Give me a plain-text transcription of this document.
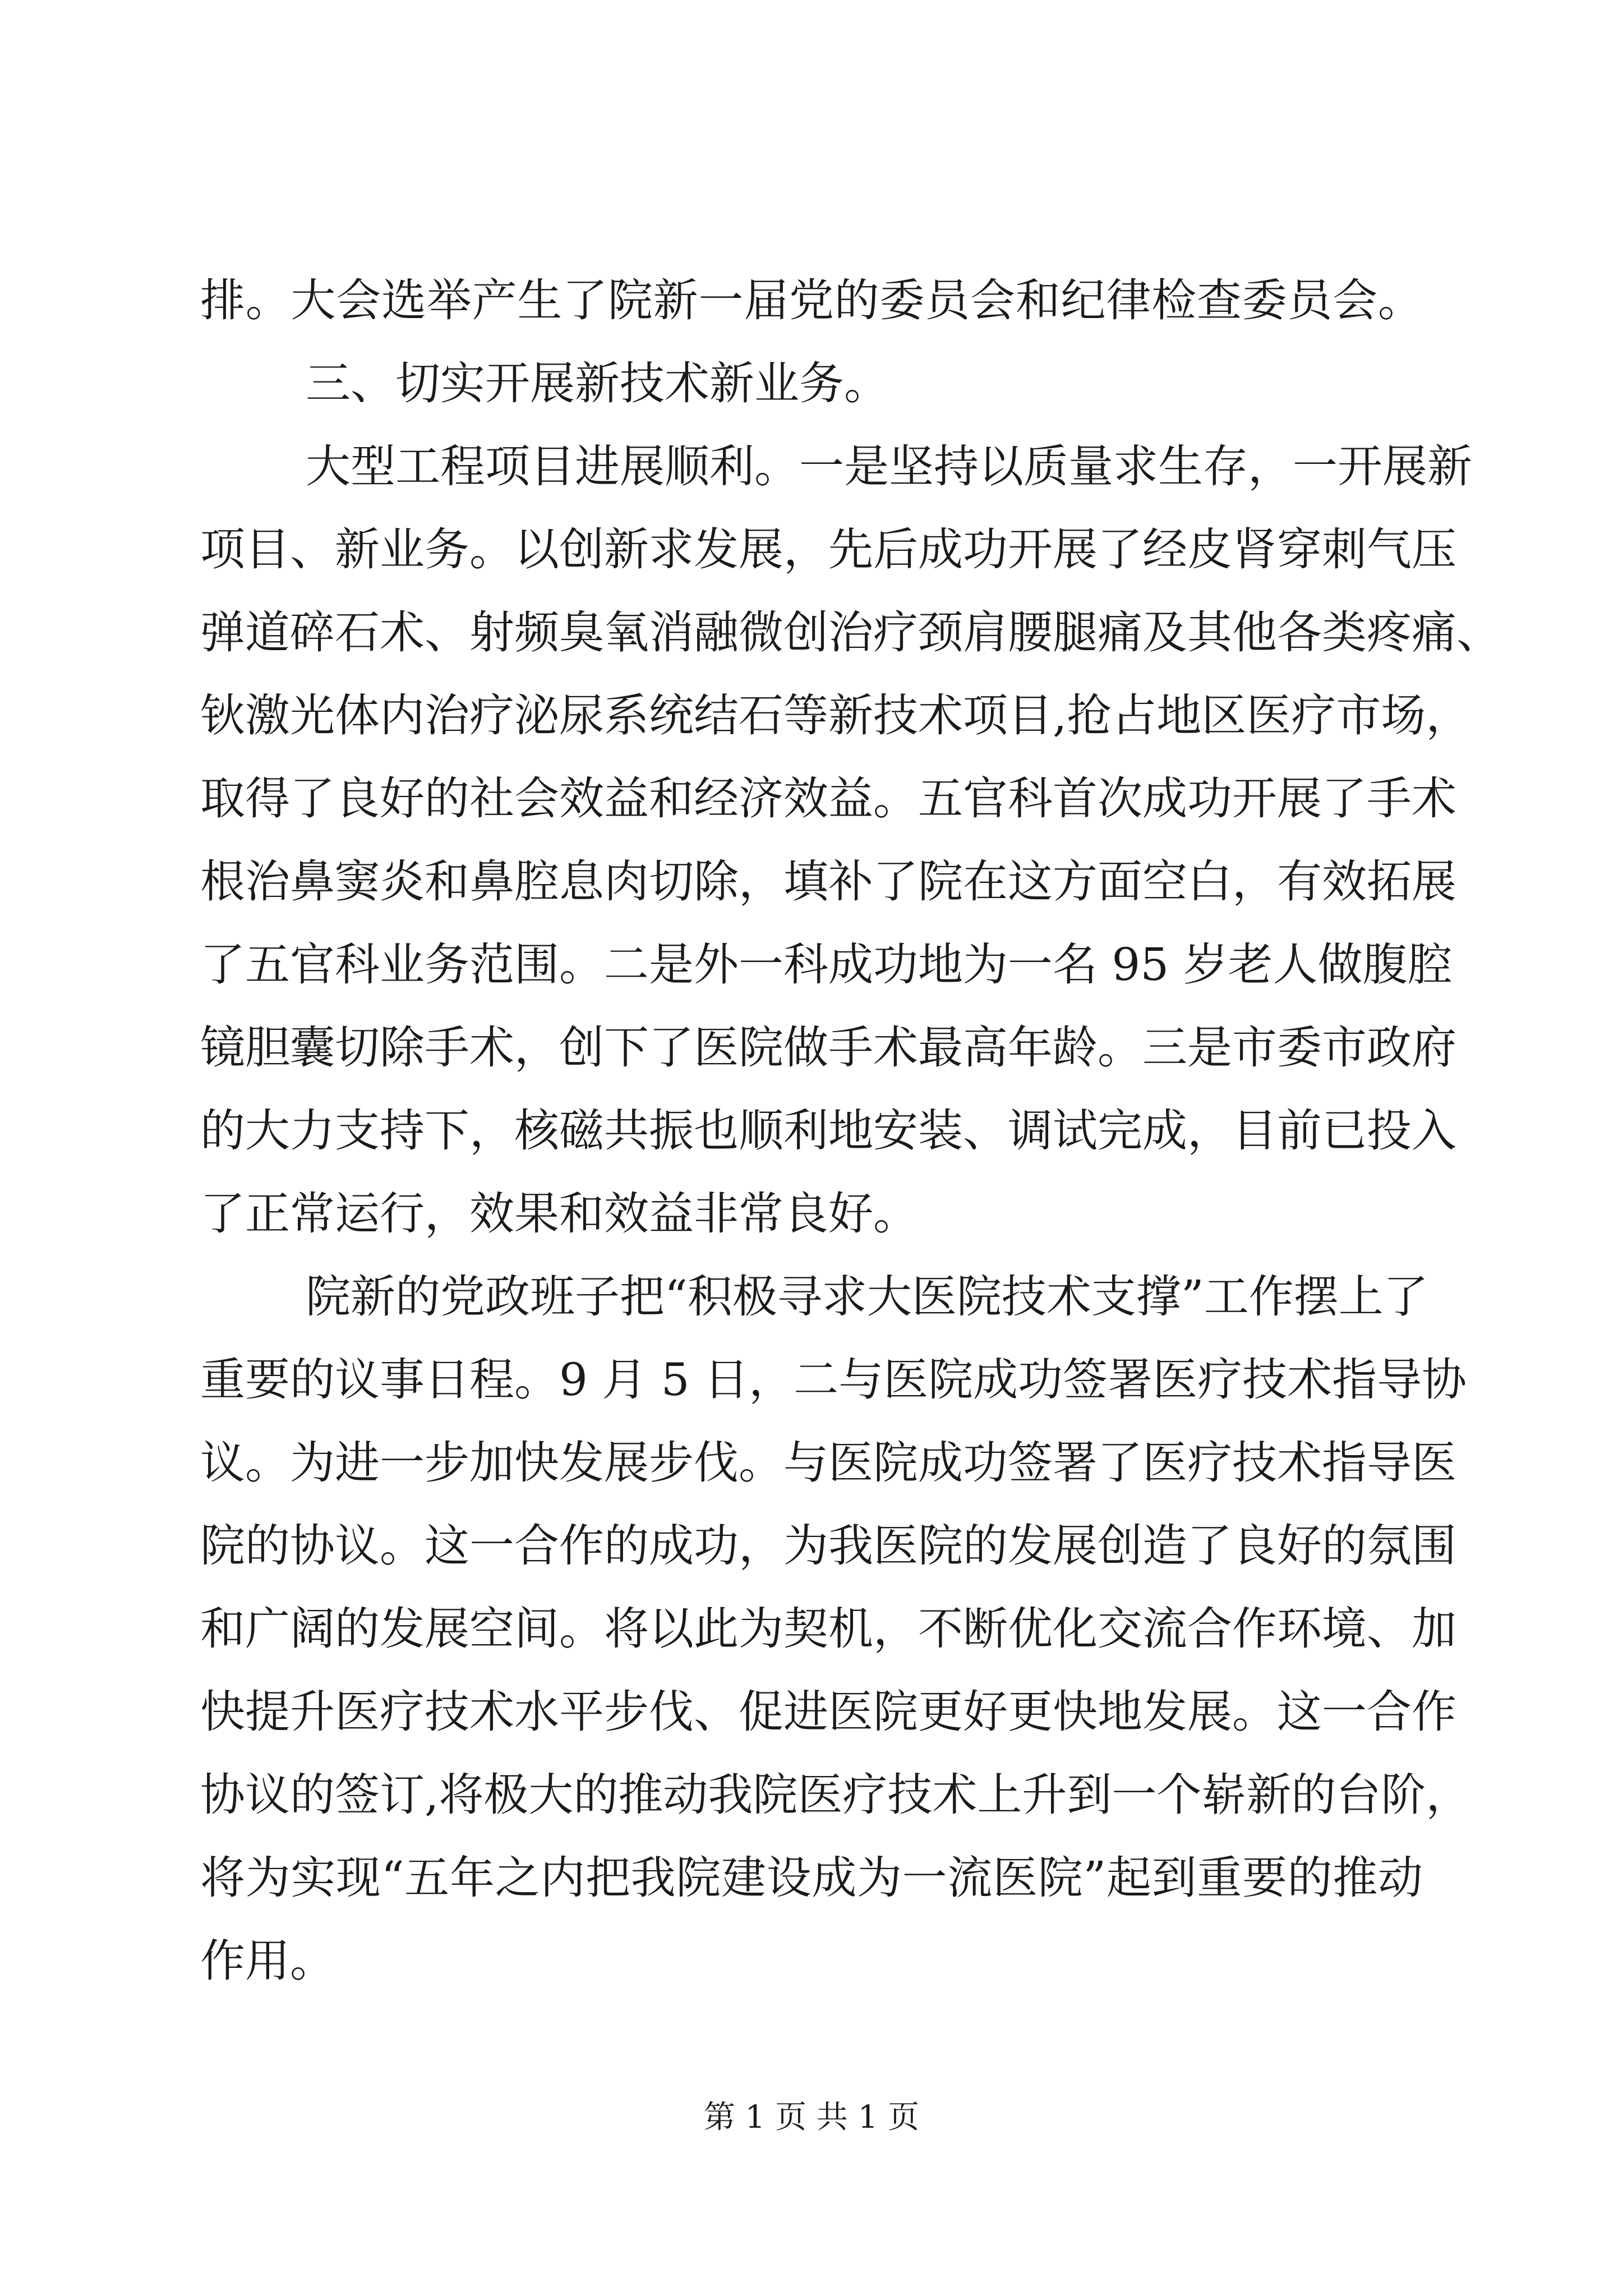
排。大会选举产生了院新一届党的委员会和纪律检查委员会。
三、切实开展新技术新业务。
大型工程项目进展顺利。一是坚持以质量求生存，一开展新
项目、新业务。以创新求发展，先后成功开展了经皮肾穿刺气压
弹道碎石术、射频臭氧消融微创治疗颈肩腰腿痛及其他各类疼痛、
钬激光体内治疗泌尿系统结石等新技术项目,抢占地区医疗市场，
取得了良好的社会效益和经济效益。五官科首次成功开展了手术
根治鼻窦炎和鼻腔息肉切除，填补了院在这方面空白，有效拓展
了五官科业务范围。二是外一科成功地为一名 95 岁老人做腹腔
镜胆囊切除手术，创下了医院做手术最高年龄。三是市委市政府
的大力支持下，核磁共振也顺利地安装、调试完成，目前已投入
了正常运行，效果和效益非常良好。
院新的党政班子把“积极寻求大医院技术支撑”工作摆上了
重要的议事日程。9 月 5 日，二与医院成功签署医疗技术指导协
议。为进一步加快发展步伐。与医院成功签署了医疗技术指导医
院的协议。这一合作的成功，为我医院的发展创造了良好的氛围
和广阔的发展空间。将以此为契机，不断优化交流合作环境、加
快提升医疗技术水平步伐、促进医院更好更快地发展。这一合作
协议的签订,将极大的推动我院医疗技术上升到一个崭新的台阶，
将为实现“五年之内把我院建设成为一流医院”起到重要的推动
作用。
第 1 页 共 1 页
